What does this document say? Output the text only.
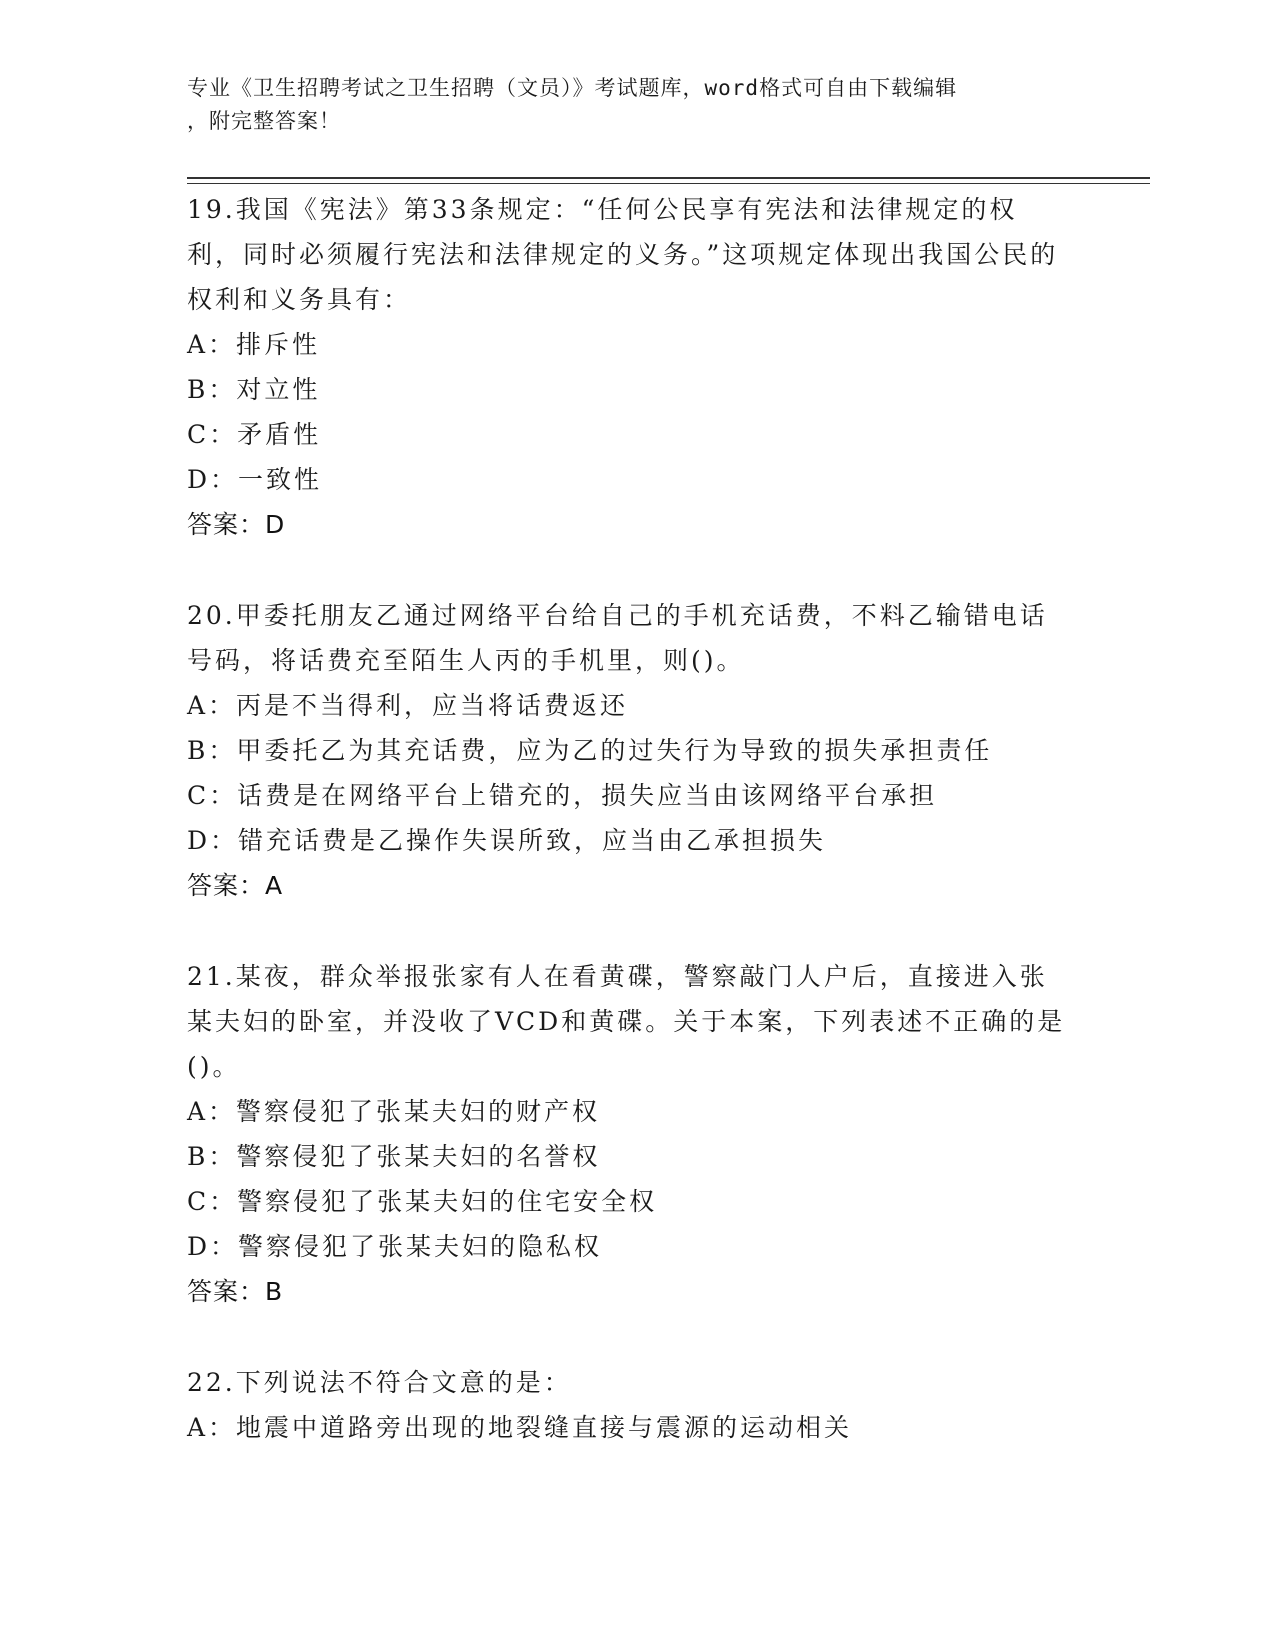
专业《卫生招聘考试之卫生招聘（文员）》考试题库，word格式可自由下载编辑
，附完整答案！

19.我国《宪法》第33条规定：“任何公民享有宪法和法律规定的权利，同时必须履行宪法和法律规定的义务。”这项规定体现出我国公民的权利和义务具有：

A：排斥性

B：对立性

C：矛盾性

D：一致性

答案：D

20.甲委托朋友乙通过网络平台给自己的手机充话费，不料乙输错电话号码，将话费充至陌生人丙的手机里，则()。

A：丙是不当得利，应当将话费返还

B：甲委托乙为其充话费，应为乙的过失行为导致的损失承担责任

C：话费是在网络平台上错充的，损失应当由该网络平台承担

D：错充话费是乙操作失误所致，应当由乙承担损失

答案：A

21.某夜，群众举报张家有人在看黄碟，警察敲门人户后，直接进入张某夫妇的卧室，并没收了VCD和黄碟。关于本案，下列表述不正确的是()。

A：警察侵犯了张某夫妇的财产权

B：警察侵犯了张某夫妇的名誉权

C：警察侵犯了张某夫妇的住宅安全权

D：警察侵犯了张某夫妇的隐私权

答案：B

22.下列说法不符合文意的是：

A：地震中道路旁出现的地裂缝直接与震源的运动相关
